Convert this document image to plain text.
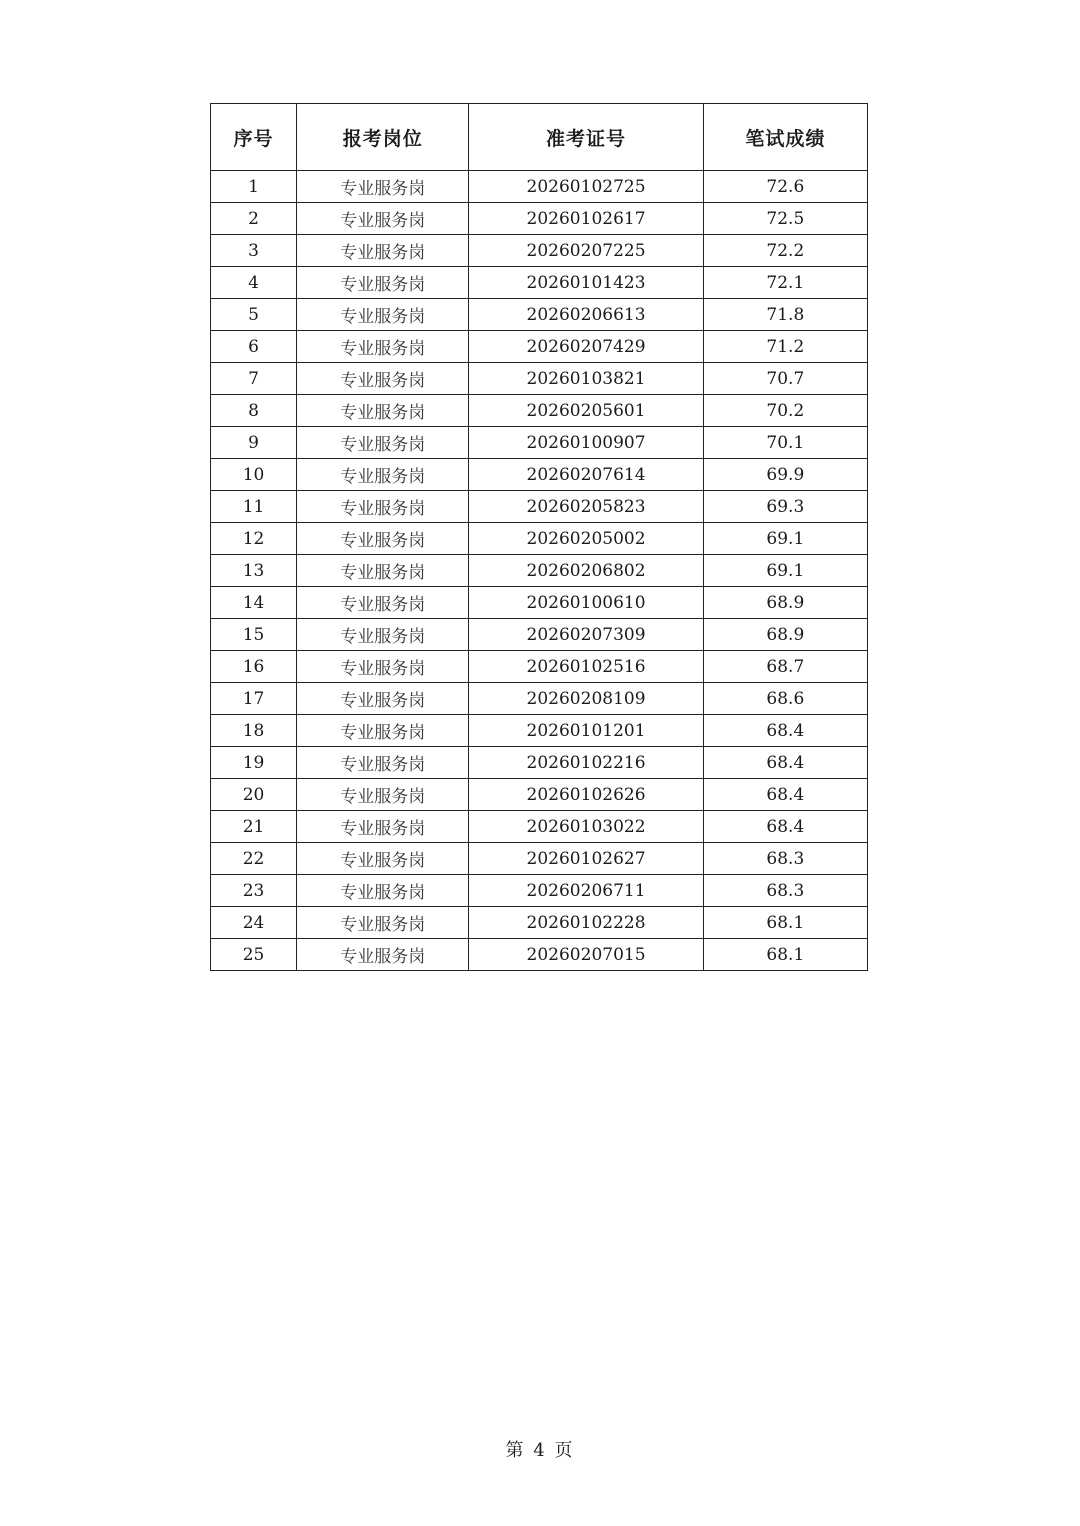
序号	报考岗位	准考证号	笔试成绩
1	专业服务岗	20260102725	72.6
2	专业服务岗	20260102617	72.5
3	专业服务岗	20260207225	72.2
4	专业服务岗	20260101423	72.1
5	专业服务岗	20260206613	71.8
6	专业服务岗	20260207429	71.2
7	专业服务岗	20260103821	70.7
8	专业服务岗	20260205601	70.2
9	专业服务岗	20260100907	70.1
10	专业服务岗	20260207614	69.9
11	专业服务岗	20260205823	69.3
12	专业服务岗	20260205002	69.1
13	专业服务岗	20260206802	69.1
14	专业服务岗	20260100610	68.9
15	专业服务岗	20260207309	68.9
16	专业服务岗	20260102516	68.7
17	专业服务岗	20260208109	68.6
18	专业服务岗	20260101201	68.4
19	专业服务岗	20260102216	68.4
20	专业服务岗	20260102626	68.4
21	专业服务岗	20260103022	68.4
22	专业服务岗	20260102627	68.3
23	专业服务岗	20260206711	68.3
24	专业服务岗	20260102228	68.1
25	专业服务岗	20260207015	68.1
第 4 页
